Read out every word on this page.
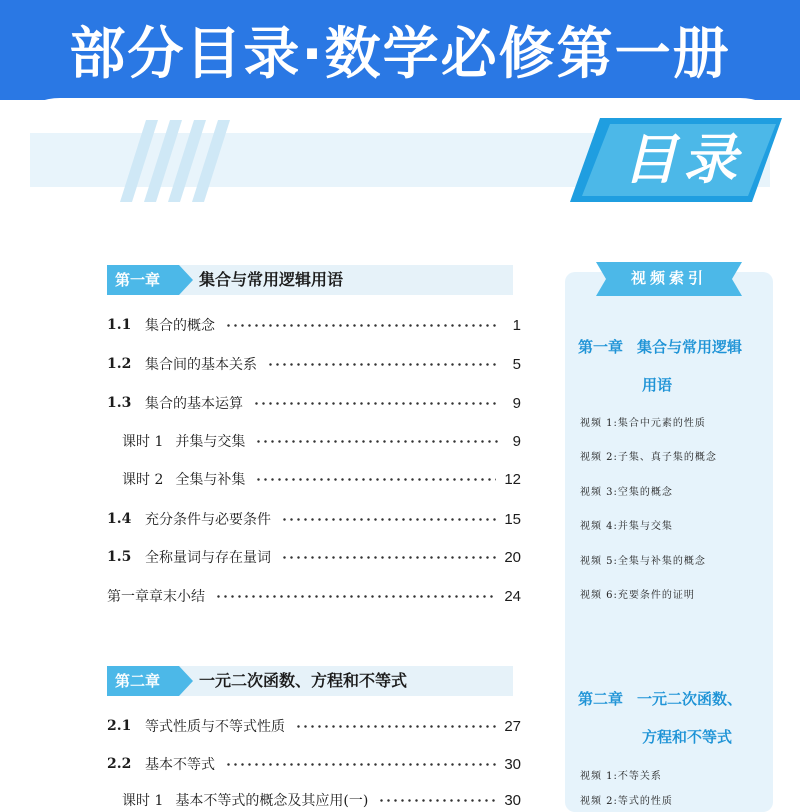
部分目录·数学必修第一册
目录
第一章 集合与常用逻辑用语
1.1 集合的概念	1
1.2 集合间的基本关系	5
1.3 集合的基本运算	9
课时 1 并集与交集	9
课时 2 全集与补集	12
1.4 充分条件与必要条件	15
1.5 全称量词与存在量词	20
第一章章末小结	24
第二章 一元二次函数、方程和不等式
2.1 等式性质与不等式性质	27
2.2 基本不等式	30
课时 1 基本不等式的概念及其应用(一)	30
视频索引
第一章 集合与常用逻辑
用语
视频 1:集合中元素的性质
视频 2:子集、真子集的概念
视频 3:空集的概念
视频 4:并集与交集
视频 5:全集与补集的概念
视频 6:充要条件的证明
第二章 一元二次函数、
方程和不等式
视频 1:不等关系
视频 2:等式的性质
